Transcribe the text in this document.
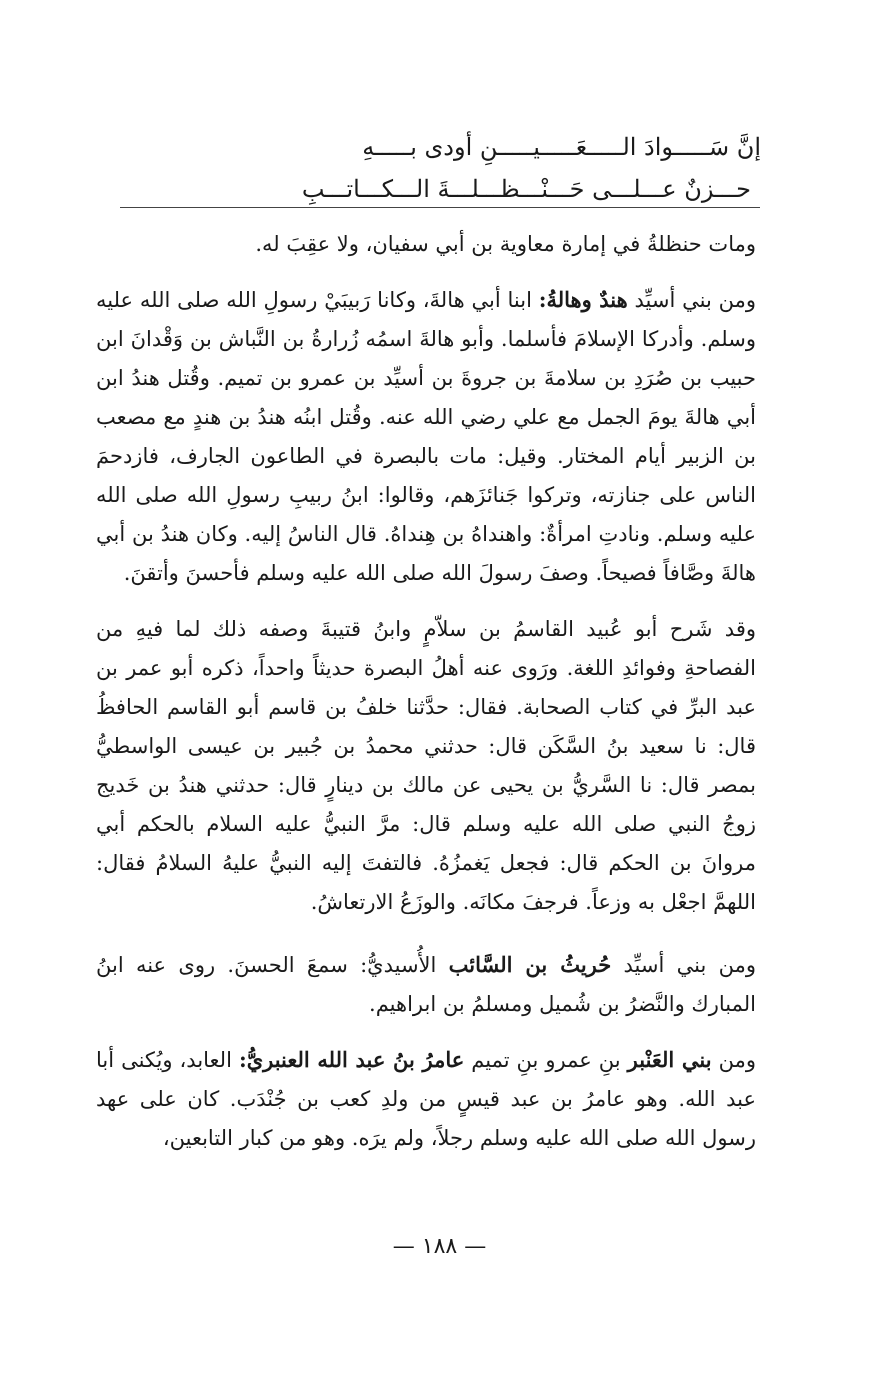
إنَّ سَـــــوادَ الـــــعَـــــيـــــنِ أودى بـــــهِ
حـــزنٌ عـــلـــى حَـــنْـــظـــلـــةَ الـــكـــاتـــبِ

ومات حنظلةُ في إمارة معاوية بن أبي سفيان، ولا عقِبَ له.

ومن بني أسيِّد هندٌ وهالةُ: ابنا أبي هالةَ، وكانا رَبيبَيْ رسولِ الله صلى الله عليه وسلم. وأدركا الإسلامَ فأسلما. وأبو هالةَ اسمُه زُرارةُ بن النَّباش بن وَقْدانَ ابن حبيب بن صُرَدِ بن سلامةَ بن جروةَ بن أسيِّد بن عمرو بن تميم. وقُتل هندُ ابن أبي هالةَ يومَ الجمل مع علي رضي الله عنه. وقُتل ابنُه هندُ بن هندٍ مع مصعب بن الزبير أيام المختار. وقيل: مات بالبصرة في الطاعون الجارف، فازدحمَ الناس على جنازته، وتركوا جَنائزَهم، وقالوا: ابنُ ربيبِ رسولِ الله صلى الله عليه وسلم. ونادتِ امرأةٌ: واهنداهُ بن هِنداهُ. قال الناسُ إليه. وكان هندُ بن أبي هالةَ وصَّافاً فصيحاً. وصفَ رسولَ الله صلى الله عليه وسلم فأحسنَ وأتقنَ.

وقد شَرح أبو عُبيد القاسمُ بن سلاّمٍ وابنُ قتيبةَ وصفه ذلك لما فيهِ من الفصاحةِ وفوائدِ اللغة. ورَوى عنه أهلُ البصرة حديثاً واحداً، ذكره أبو عمر بن عبد البرِّ في كتاب الصحابة. فقال: حدَّثنا خلفُ بن قاسم أبو القاسم الحافظُ قال: نا سعيد بنُ السَّكَن قال: حدثني محمدُ بن جُبير بن عيسى الواسطيُّ بمصر قال: نا السَّريُّ بن يحيى عن مالك بن دينارٍ قال: حدثني هندُ بن خَديج زوجُ النبي صلى الله عليه وسلم قال: مرَّ النبيُّ عليه السلام بالحكم أبي مروانَ بن الحكم قال: فجعل يَغمزُهُ. فالتفتَ إليه النبيُّ عليهُ السلامُ فقال: اللهمَّ اجعْل به وزعاً. فرجفَ مكانَه. والوزَعُ الارتعاشُ.

ومن بني أسيِّد حُريثُ بن السَّائب الأُسيديُّ: سمعَ الحسنَ. روى عنه ابنُ المبارك والنَّضرُ بن شُميل ومسلمُ بن ابراهيم.

ومن بني العَنْبر بنِ عمرو بنِ تميم عامرُ بنُ عبد الله العنبريُّ: العابد، ويُكنى أبا عبد الله. وهو عامرُ بن عبد قيسٍ من ولدِ كعب بن جُنْدَب. كان على عهد رسول الله صلى الله عليه وسلم رجلاً، ولم يرَه. وهو من كبار التابعين،

— ١٨٨ —
